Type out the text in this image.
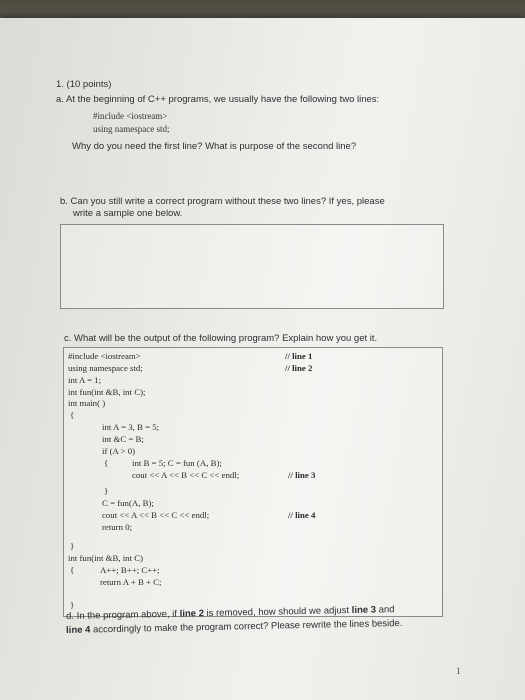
1. (10 points)
a. At the beginning of C++ programs, we usually have the following two lines:
#include <iostream>
using namespace std;
Why do you need the first line? What is purpose of the second line?
b. Can you still write a correct program without these two lines? If yes, please
write a sample one below.
c. What will be the output of the following program? Explain how you get it.
#include <iostream>
using namespace std;
int A = 1;
int fun(int &B, int C);
int main( )
{
int A = 3, B = 5;
int &C = B;
if (A > 0)
{	int B = 5; C = fun (A, B);
cout << A << B << C << endl;
}
C = fun(A, B);
cout << A << B << C << endl;
return 0;
}
int fun(int &B, int C)
{	A++; B++; C++;
return A + B + C;
}
// line 1
// line 2
// line 3
// line 4
d. In the program above, if line 2 is removed, how should we adjust line 3 and
line 4 accordingly to make the program correct? Please rewrite the lines beside.
1
